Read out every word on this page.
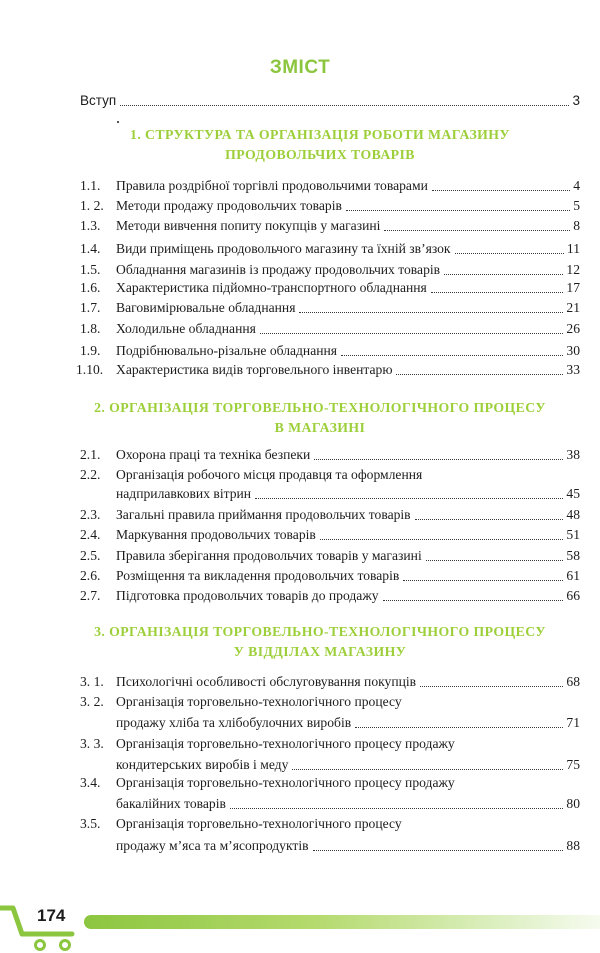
ЗМІСТ
Вступ	3
1. СТРУКТУРА ТА ОРГАНІЗАЦІЯ РОБОТИ МАГАЗИНУ
ПРОДОВОЛЬЧИХ ТОВАРІВ
1.1. Правила роздрібної торгівлі продовольчими товарами	4
1. 2. Методи продажу продовольчих товарів	5
1.3. Методи вивчення попиту покупців у магазині	8
1.4. Види приміщень продовольчого магазину та їхній зв’язок	11
1.5. Обладнання магазинів із продажу продовольчих товарів	12
1.6. Характеристика підйомно-транспортного обладнання	17
1.7. Ваговимірювальне обладнання	21
1.8. Холодильне обладнання	26
1.9. Подрібнювально-різальне обладнання	30
1.10. Характеристика видів торговельного інвентарю	33
2. ОРГАНІЗАЦІЯ ТОРГОВЕЛЬНО-ТЕХНОЛОГІЧНОГО ПРОЦЕСУ
В МАГАЗИНІ
2.1. Охорона праці та техніка безпеки	38
2.2. Організація робочого місця продавця та оформлення
надприлавкових вітрин	45
2.3. Загальні правила приймання продовольчих товарів	48
2.4. Маркування продовольчих товарів	51
2.5. Правила зберігання продовольчих товарів у магазині	58
2.6. Розміщення та викладення продовольчих товарів	61
2.7. Підготовка продовольчих товарів до продажу	66
3. ОРГАНІЗАЦІЯ ТОРГОВЕЛЬНО-ТЕХНОЛОГІЧНОГО ПРОЦЕСУ
У ВІДДІЛАХ МАГАЗИНУ
3. 1. Психологічні особливості обслуговування покупців	68
3. 2. Організація торговельно-технологічного процесу
продажу хліба та хлібобулочних виробів	71
3. 3. Організація торговельно-технологічного процесу продажу
кондитерських виробів і меду	75
3.4. Організація торговельно-технологічного процесу продажу
бакалійних товарів	80
3.5. Організація торговельно-технологічного процесу
продажу м’яса та м’ясопродуктів	88
174
